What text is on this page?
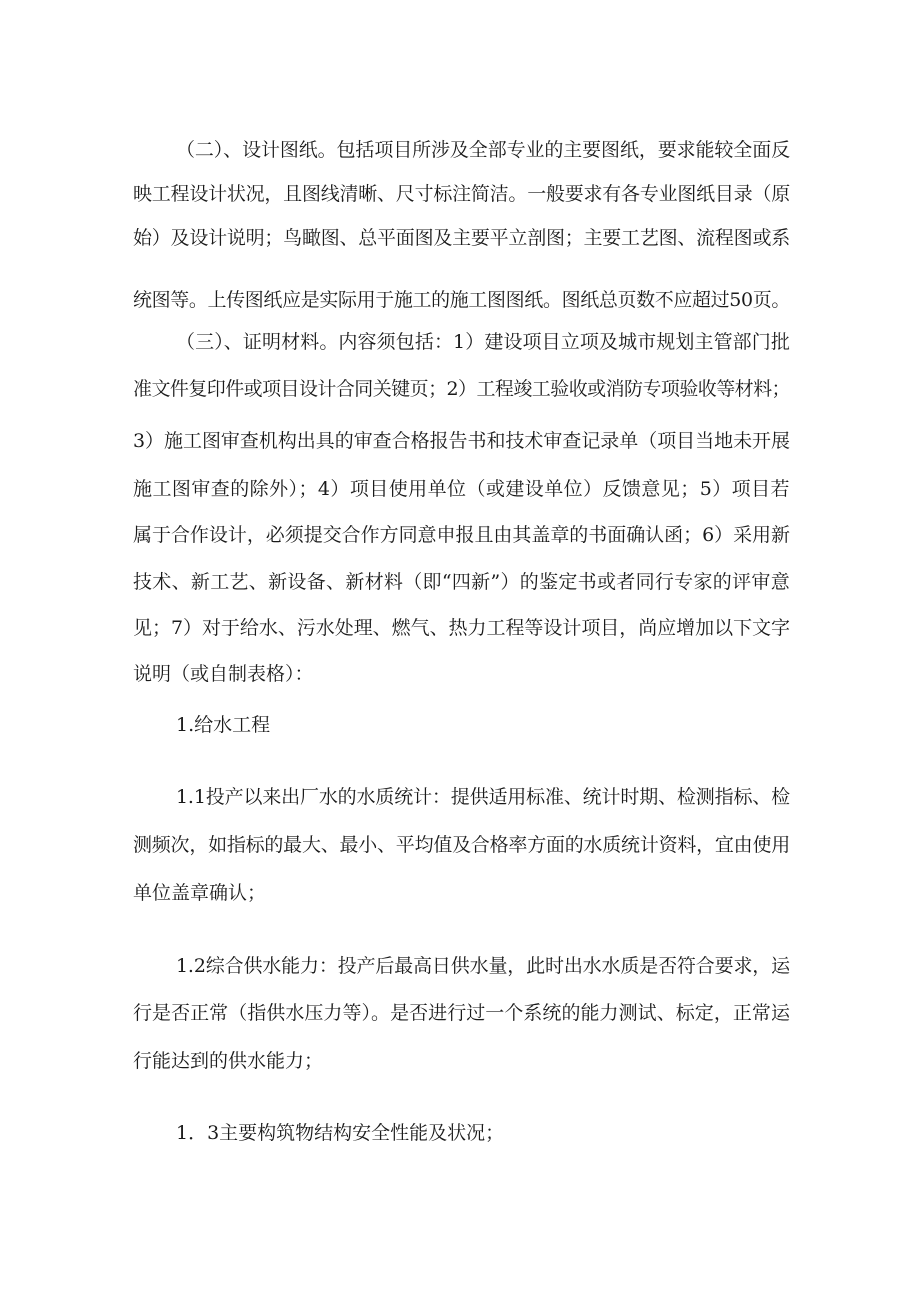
（二）、设计图纸。包括项目所涉及全部专业的主要图纸，要求能较全面反
映工程设计状况，且图线清晰、尺寸标注简洁。一般要求有各专业图纸目录（原
始）及设计说明；鸟瞰图、总平面图及主要平立剖图；主要工艺图、流程图或系
统图等。上传图纸应是实际用于施工的施工图图纸。图纸总页数不应超过50页。
（三）、证明材料。内容须包括：1）建设项目立项及城市规划主管部门批
准文件复印件或项目设计合同关键页；2）工程竣工验收或消防专项验收等材料；
3）施工图审查机构出具的审查合格报告书和技术审查记录单（项目当地未开展
施工图审查的除外）；4）项目使用单位（或建设单位）反馈意见；5）项目若
属于合作设计，必须提交合作方同意申报且由其盖章的书面确认函；6）采用新
技术、新工艺、新设备、新材料（即“四新”）的鉴定书或者同行专家的评审意
见；7）对于给水、污水处理、燃气、热力工程等设计项目，尚应增加以下文字
说明（或自制表格）：
1.给水工程
1.1投产以来出厂水的水质统计：提供适用标准、统计时期、检测指标、检
测频次，如指标的最大、最小、平均值及合格率方面的水质统计资料，宜由使用
单位盖章确认；
1.2综合供水能力：投产后最高日供水量，此时出水水质是否符合要求，运
行是否正常（指供水压力等）。是否进行过一个系统的能力测试、标定，正常运
行能达到的供水能力；
1．3主要构筑物结构安全性能及状况；
